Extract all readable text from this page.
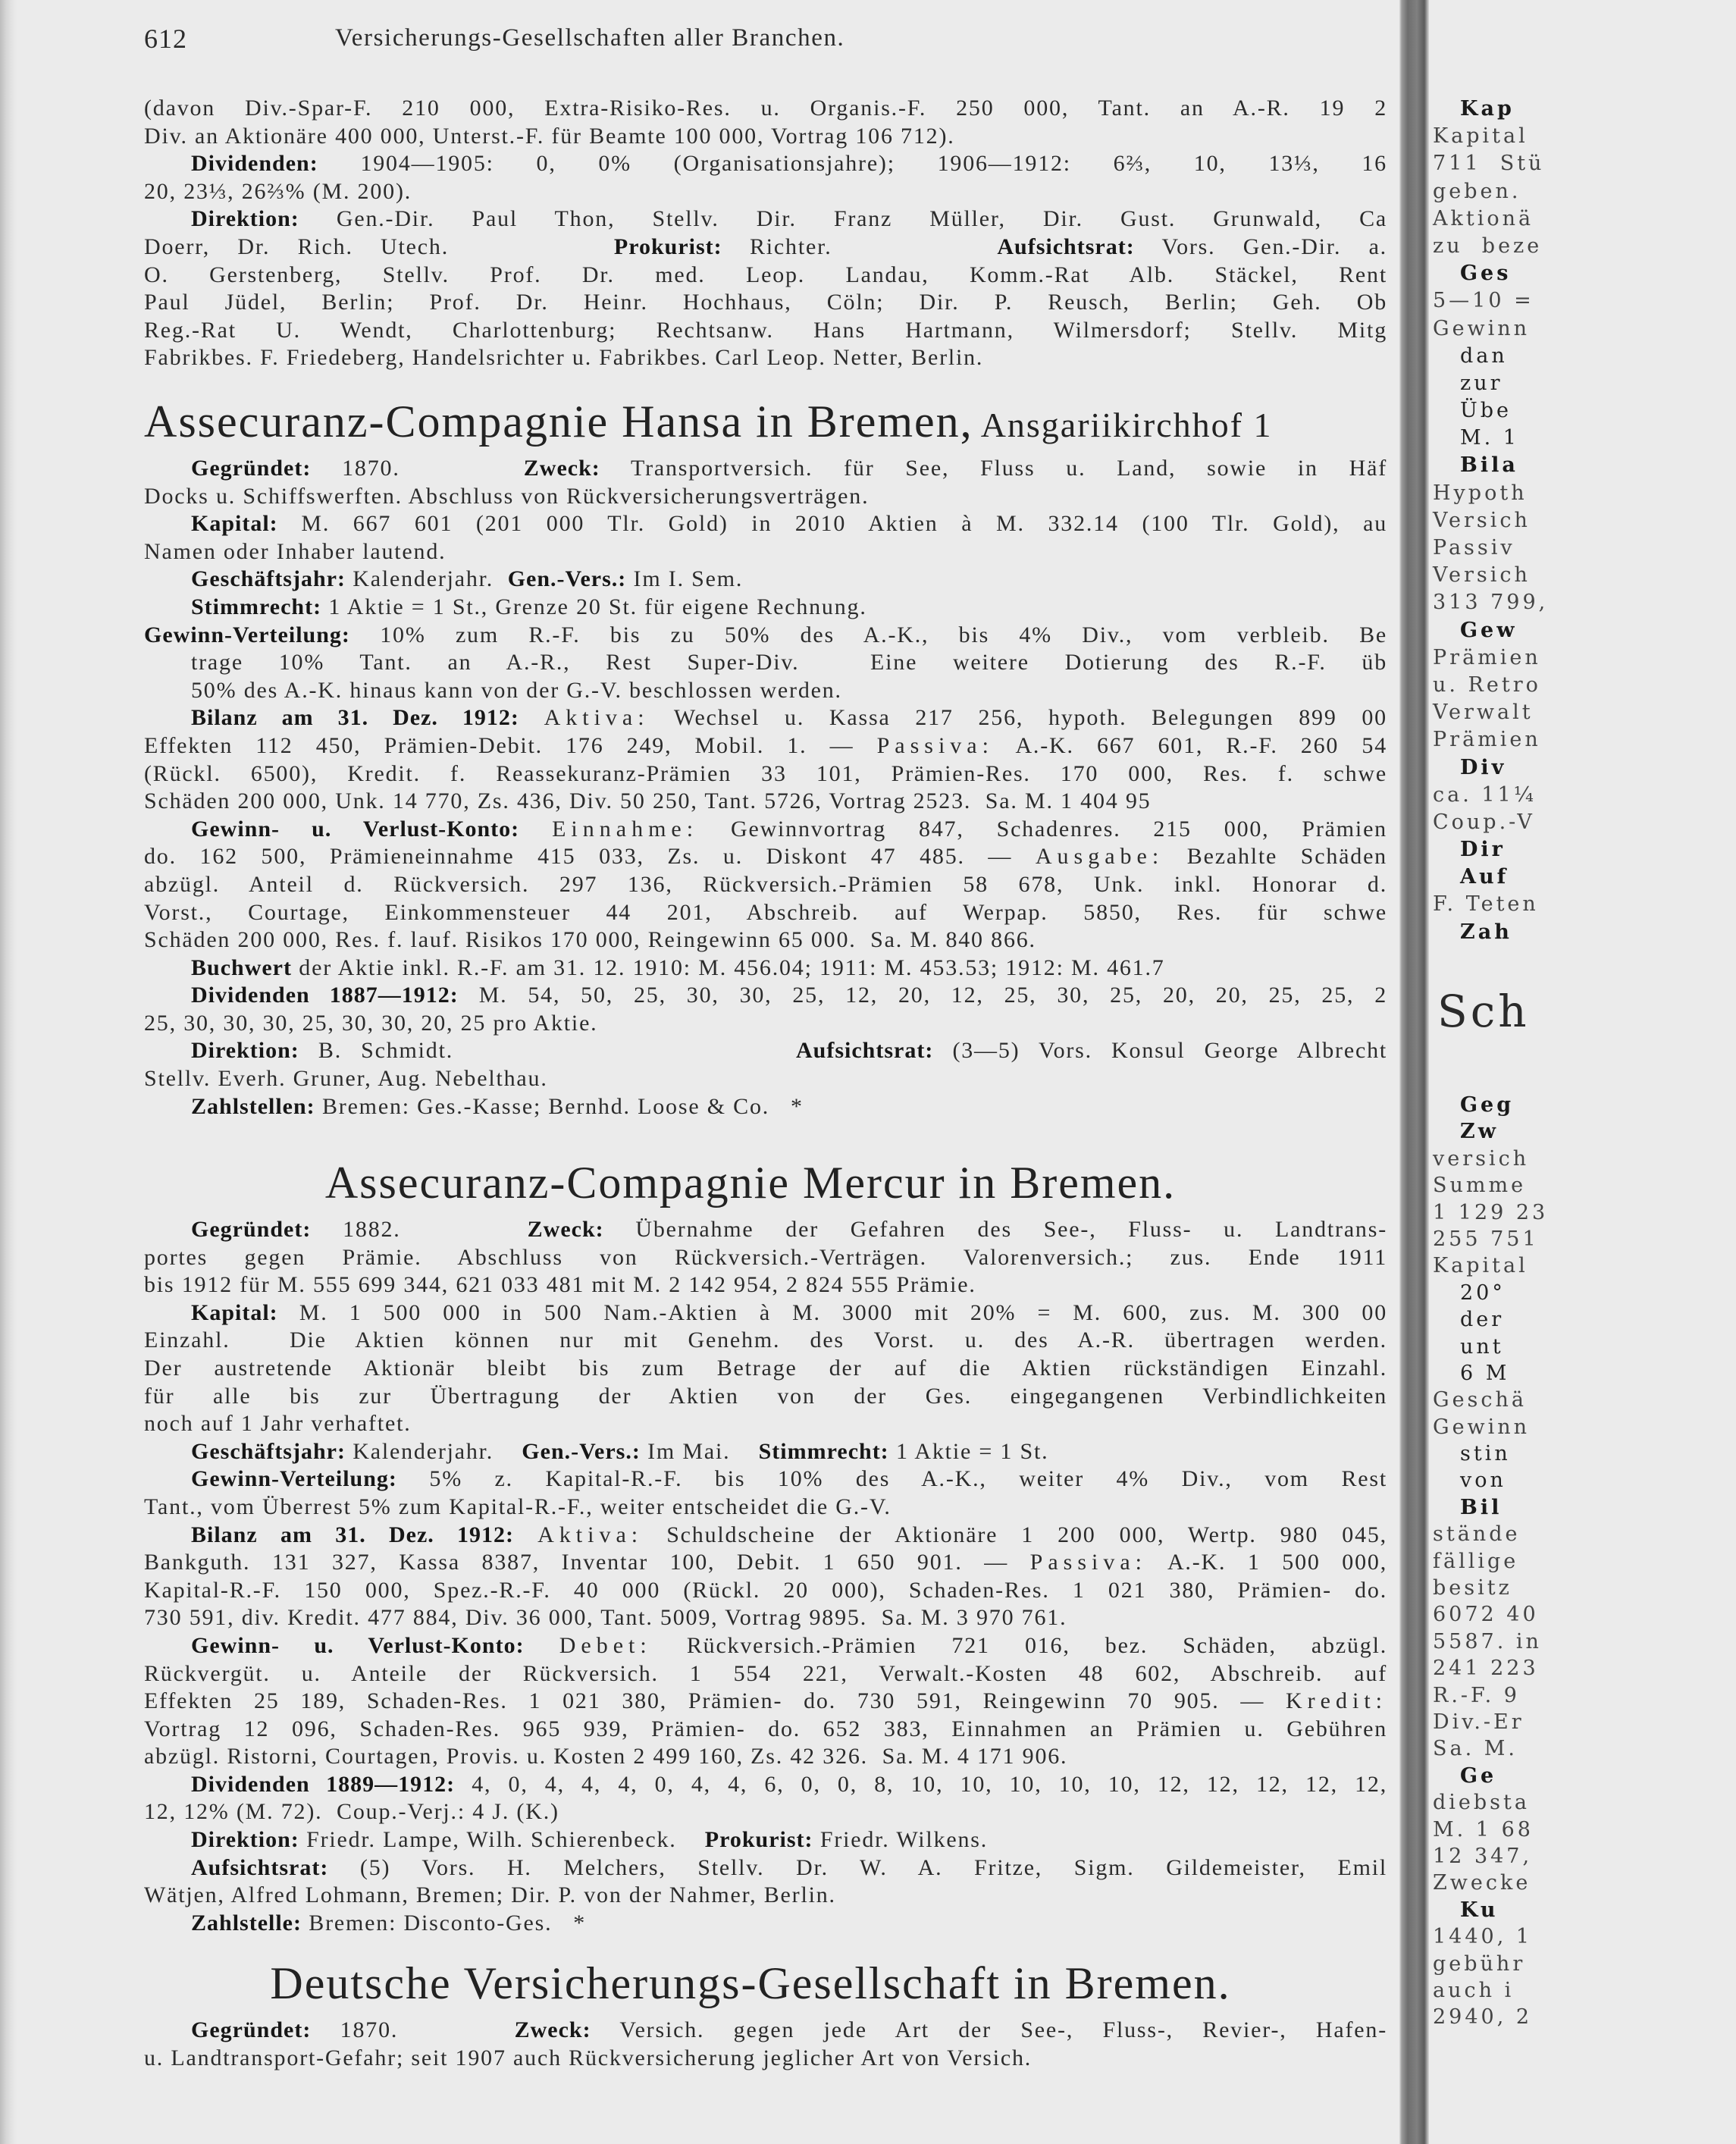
612	Versicherungs-Gesellschaften aller Branchen.
(davon Div.-Spar-F. 210 000, Extra-Risiko-Res. u. Organis.-F. 250 000, Tant. an A.-R. 19 2
Div. an Aktionäre 400 000, Unterst.-F. für Beamte 100 000, Vortrag 106 712).
Dividenden: 1904—1905: 0, 0% (Organisationsjahre); 1906—1912: 6⅔, 10, 13⅓, 16
20, 23⅓, 26⅔% (M. 200).
Direktion: Gen.-Dir. Paul Thon, Stellv. Dir. Franz Müller, Dir. Gust. Grunwald, Ca
Doerr, Dr. Rich. Utech.      Prokurist: Richter.      Aufsichtsrat: Vors. Gen.-Dir. a.
O. Gerstenberg, Stellv. Prof. Dr. med. Leop. Landau, Komm.-Rat Alb. Stäckel, Rent
Paul Jüdel, Berlin; Prof. Dr. Heinr. Hochhaus, Cöln; Dir. P. Reusch, Berlin; Geh. Ob
Reg.-Rat U. Wendt, Charlottenburg; Rechtsanw. Hans Hartmann, Wilmersdorf; Stellv. Mitg
Fabrikbes. F. Friedeberg, Handelsrichter u. Fabrikbes. Carl Leop. Netter, Berlin.
Assecuranz-Compagnie Hansa in Bremen, Ansgariikirchhof 1
Gegründet: 1870.    Zweck: Transportversich. für See, Fluss u. Land, sowie in Häf
Docks u. Schiffswerften. Abschluss von Rückversicherungsverträgen.
Kapital: M. 667 601 (201 000 Tlr. Gold) in 2010 Aktien à M. 332.14 (100 Tlr. Gold), au
Namen oder Inhaber lautend.
Geschäftsjahr: Kalenderjahr.  Gen.-Vers.: Im I. Sem.
Stimmrecht: 1 Aktie = 1 St., Grenze 20 St. für eigene Rechnung.
Gewinn-Verteilung: 10% zum R.-F. bis zu 50% des A.-K., bis 4% Div., vom verbleib. Be
trage 10% Tant. an A.-R., Rest Super-Div.  Eine weitere Dotierung des R.-F. üb
50% des A.-K. hinaus kann von der G.-V. beschlossen werden.
Bilanz am 31. Dez. 1912: Aktiva: Wechsel u. Kassa 217 256, hypoth. Belegungen 899 00
Effekten 112 450, Prämien-Debit. 176 249, Mobil. 1. — Passiva: A.-K. 667 601, R.-F. 260 54
(Rückl. 6500), Kredit. f. Reassekuranz-Prämien 33 101, Prämien-Res. 170 000, Res. f. schwe
Schäden 200 000, Unk. 14 770, Zs. 436, Div. 50 250, Tant. 5726, Vortrag 2523.  Sa. M. 1 404 95
Gewinn- u. Verlust-Konto: Einnahme: Gewinnvortrag 847, Schadenres. 215 000, Prämien
do. 162 500, Prämieneinnahme 415 033, Zs. u. Diskont 47 485. — Ausgabe: Bezahlte Schäden
abzügl. Anteil d. Rückversich. 297 136, Rückversich.-Prämien 58 678, Unk. inkl. Honorar d.
Vorst., Courtage, Einkommensteuer 44 201, Abschreib. auf Werpap. 5850, Res. für schwe
Schäden 200 000, Res. f. lauf. Risikos 170 000, Reingewinn 65 000.  Sa. M. 840 866.
Buchwert der Aktie inkl. R.-F. am 31. 12. 1910: M. 456.04; 1911: M. 453.53; 1912: M. 461.7
Dividenden 1887—1912: M. 54, 50, 25, 30, 30, 25, 12, 20, 12, 25, 30, 25, 20, 20, 25, 25, 2
25, 30, 30, 30, 25, 30, 30, 20, 25 pro Aktie.
Direktion: B. Schmidt.                  Aufsichtsrat: (3—5) Vors. Konsul George Albrecht
Stellv. Everh. Gruner, Aug. Nebelthau.
Zahlstellen: Bremen: Ges.-Kasse; Bernhd. Loose & Co.   *
Assecuranz-Compagnie Mercur in Bremen.
Gegründet: 1882.    Zweck: Übernahme der Gefahren des See-, Fluss- u. Landtrans-
portes gegen Prämie. Abschluss von Rückversich.-Verträgen. Valorenversich.; zus. Ende 1911
bis 1912 für M. 555 699 344, 621 033 481 mit M. 2 142 954, 2 824 555 Prämie.
Kapital: M. 1 500 000 in 500 Nam.-Aktien à M. 3000 mit 20% = M. 600, zus. M. 300 00
Einzahl.  Die Aktien können nur mit Genehm. des Vorst. u. des A.-R. übertragen werden.
Der austretende Aktionär bleibt bis zum Betrage der auf die Aktien rückständigen Einzahl.
für alle bis zur Übertragung der Aktien von der Ges. eingegangenen Verbindlichkeiten
noch auf 1 Jahr verhaftet.
Geschäftsjahr: Kalenderjahr.    Gen.-Vers.: Im Mai.    Stimmrecht: 1 Aktie = 1 St.
Gewinn-Verteilung: 5% z. Kapital-R.-F. bis 10% des A.-K., weiter 4% Div., vom Rest
Tant., vom Überrest 5% zum Kapital-R.-F., weiter entscheidet die G.-V.
Bilanz am 31. Dez. 1912: Aktiva: Schuldscheine der Aktionäre 1 200 000, Wertp. 980 045,
Bankguth. 131 327, Kassa 8387, Inventar 100, Debit. 1 650 901. — Passiva: A.-K. 1 500 000,
Kapital-R.-F. 150 000, Spez.-R.-F. 40 000 (Rückl. 20 000), Schaden-Res. 1 021 380, Prämien- do.
730 591, div. Kredit. 477 884, Div. 36 000, Tant. 5009, Vortrag 9895.  Sa. M. 3 970 761.
Gewinn- u. Verlust-Konto: Debet: Rückversich.-Prämien 721 016, bez. Schäden, abzügl.
Rückvergüt. u. Anteile der Rückversich. 1 554 221, Verwalt.-Kosten 48 602, Abschreib. auf
Effekten 25 189, Schaden-Res. 1 021 380, Prämien- do. 730 591, Reingewinn 70 905. — Kredit:
Vortrag 12 096, Schaden-Res. 965 939, Prämien- do. 652 383, Einnahmen an Prämien u. Gebühren
abzügl. Ristorni, Courtagen, Provis. u. Kosten 2 499 160, Zs. 42 326.  Sa. M. 4 171 906.
Dividenden 1889—1912: 4, 0, 4, 4, 4, 0, 4, 4, 6, 0, 0, 8, 10, 10, 10, 10, 10, 12, 12, 12, 12, 12,
12, 12% (M. 72).  Coup.-Verj.: 4 J. (K.)
Direktion: Friedr. Lampe, Wilh. Schierenbeck.    Prokurist: Friedr. Wilkens.
Aufsichtsrat: (5) Vors. H. Melchers, Stellv. Dr. W. A. Fritze, Sigm. Gildemeister, Emil
Wätjen, Alfred Lohmann, Bremen; Dir. P. von der Nahmer, Berlin.
Zahlstelle: Bremen: Disconto-Ges.   *
Deutsche Versicherungs-Gesellschaft in Bremen.
Gegründet: 1870.    Zweck: Versich. gegen jede Art der See-, Fluss-, Revier-, Hafen-
u. Landtransport-Gefahr; seit 1907 auch Rückversicherung jeglicher Art von Versich.
Kap
Kapital
711  Stü
geben.
Aktionä
zu  beze
Ges
5—10 =
Gewinn
dan
zur
Übe
M. 1
Bila
Hypoth
Versich
Passiv
Versich
313 799,
Gew
Prämien
u. Retro
Verwalt
Prämien
Div
ca. 11¼
Coup.-V
Dir
Auf
F. Teten
Zah
Sch
Geg
Zw
versich
Summe
1 129 23
255 751
Kapital
20°
der
unt
6 M
Geschä
Gewinn
stin
von
Bil
stände
fällige
besitz
6072 40
5587. in
241 223
R.-F. 9
Div.-Er
Sa. M.
Ge
diebsta
M. 1 68
12 347,
Zwecke
Ku
1440, 1
gebühr
auch i
2940, 2
